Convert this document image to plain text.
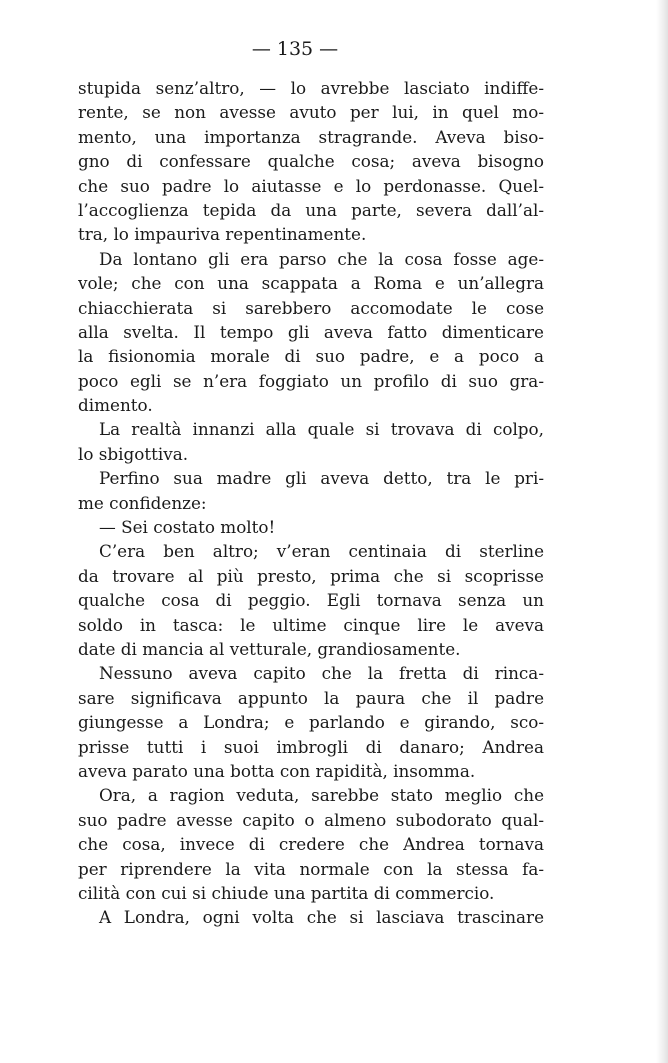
— 135 —
stupida senz’altro, — lo avrebbe lasciato indiffe-
rente, se non avesse avuto per lui, in quel mo-
mento, una importanza stragrande. Aveva biso-
gno di confessare qualche cosa; aveva bisogno
che suo padre lo aiutasse e lo perdonasse. Quel-
l’accoglienza tepida da una parte, severa dall’al-
tra, lo impauriva repentinamente.
Da lontano gli era parso che la cosa fosse age-
vole; che con una scappata a Roma e un’allegra
chiacchierata si sarebbero accomodate le cose
alla svelta. Il tempo gli aveva fatto dimenticare
la fisionomia morale di suo padre, e a poco a
poco egli se n’era foggiato un profilo di suo gra-
dimento.
La realtà innanzi alla quale si trovava di colpo,
lo sbigottiva.
Perfino sua madre gli aveva detto, tra le pri-
me confidenze:
— Sei costato molto!
C’era ben altro; v’eran centinaia di sterline
da trovare al più presto, prima che si scoprisse
qualche cosa di peggio. Egli tornava senza un
soldo in tasca: le ultime cinque lire le aveva
date di mancia al vetturale, grandiosamente.
Nessuno aveva capito che la fretta di rinca-
sare significava appunto la paura che il padre
giungesse a Londra; e parlando e girando, sco-
prisse tutti i suoi imbrogli di danaro; Andrea
aveva parato una botta con rapidità, insomma.
Ora, a ragion veduta, sarebbe stato meglio che
suo padre avesse capito o almeno subodorato qual-
che cosa, invece di credere che Andrea tornava
per riprendere la vita normale con la stessa fa-
cilità con cui si chiude una partita di commercio.
A Londra, ogni volta che si lasciava trascinare
